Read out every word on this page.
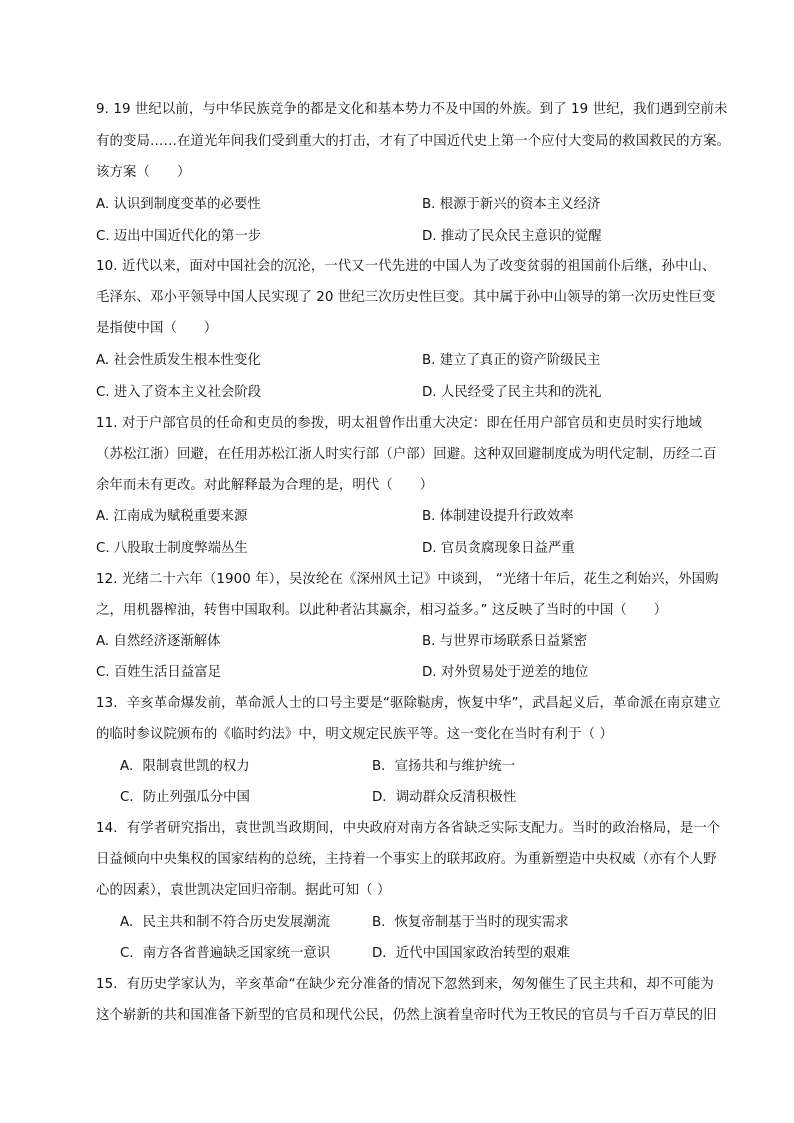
9. 19 世纪以前，与中华民族竞争的都是文化和基本势力不及中国的外族。到了 19 世纪，我们遇到空前未
有的变局……在道光年间我们受到重大的打击，才有了中国近代史上第一个应付大变局的救国救民的方案。
该方案（　　）
A. 认识到制度变革的必要性	B. 根源于新兴的资本主义经济
C. 迈出中国近代化的第一步	D. 推动了民众民主意识的觉醒
10. 近代以来，面对中国社会的沉沦，一代又一代先进的中国人为了改变贫弱的祖国前仆后继，孙中山、
毛泽东、邓小平领导中国人民实现了 20 世纪三次历史性巨变。其中属于孙中山领导的第一次历史性巨变
是指使中国（　　）
A. 社会性质发生根本性变化	B. 建立了真正的资产阶级民主
C. 进入了资本主义社会阶段	D. 人民经受了民主共和的洗礼
11. 对于户部官员的任命和吏员的参拨，明太祖曾作出重大决定：即在任用户部官员和吏员时实行地域
（苏松江浙）回避，在任用苏松江浙人时实行部（户部）回避。这种双回避制度成为明代定制，历经二百
余年而未有更改。对此解释最为合理的是，明代（　　）
A. 江南成为赋税重要来源	B. 体制建设提升行政效率
C. 八股取士制度弊端丛生	D. 官员贪腐现象日益严重
12. 光绪二十六年（1900 年），吴汝纶在《深州风土记》中谈到， “光绪十年后，花生之利始兴，外国购
之，用机器榨油，转售中国取利。以此种者沾其赢余，相习益多。” 这反映了当时的中国（　　）
A. 自然经济逐渐解体	B. 与世界市场联系日益紧密
C. 百姓生活日益富足	D. 对外贸易处于逆差的地位
13．辛亥革命爆发前，革命派人士的口号主要是“驱除鞑虏，恢复中华”，武昌起义后，革命派在南京建立
的临时参议院颁布的《临时约法》中，明文规定民族平等。这一变化在当时有利于（ ）
A．限制袁世凯的权力	B．宣扬共和与维护统一
C．防止列强瓜分中国	D．调动群众反清积极性
14．有学者研究指出，袁世凯当政期间，中央政府对南方各省缺乏实际支配力。当时的政治格局，是一个
日益倾向中央集权的国家结构的总统，主持着一个事实上的联邦政府。为重新塑造中央权威（亦有个人野
心的因素），袁世凯决定回归帝制。据此可知（ ）
A．民主共和制不符合历史发展潮流	B．恢复帝制基于当时的现实需求
C．南方各省普遍缺乏国家统一意识	D．近代中国国家政治转型的艰难
15．有历史学家认为，辛亥革命“在缺少充分准备的情况下忽然到来，匆匆催生了民主共和，却不可能为
这个崭新的共和国准备下新型的官员和现代公民，仍然上演着皇帝时代为王牧民的官员与千百万草民的旧
